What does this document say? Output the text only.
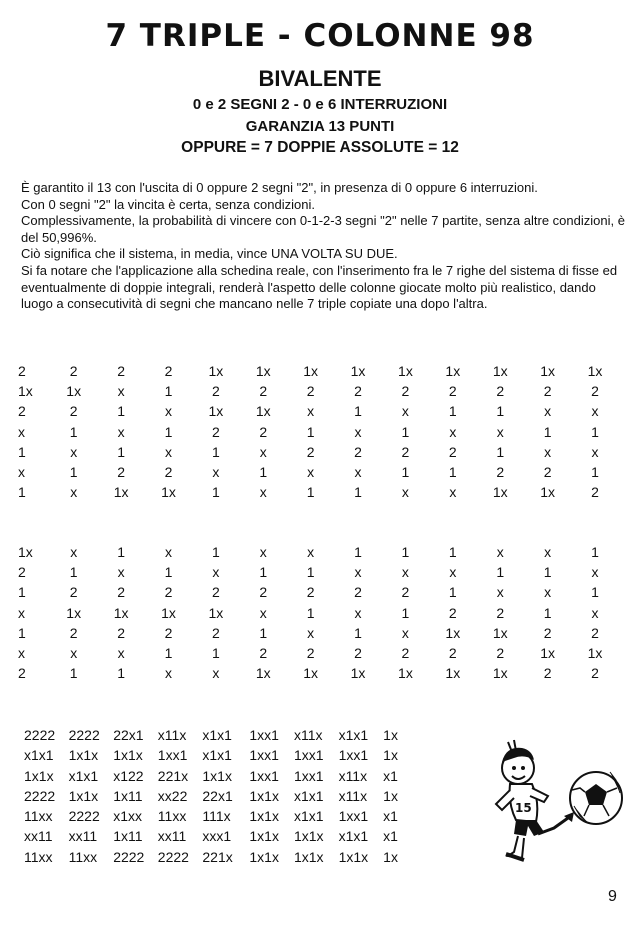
7 TRIPLE - COLONNE 98
BIVALENTE
0 e 2 SEGNI 2 - 0 e 6 INTERRUZIONI
GARANZIA 13 PUNTI
OPPURE = 7 DOPPIE ASSOLUTE = 12

È garantito il 13 con l'uscita di 0 oppure 2 segni "2", in presenza di 0 oppure 6 interruzioni.

Con 0 segni "2" la vincita è certa, senza condizioni.

Complessivamente, la probabilità di vincere con 0-1-2-3 segni "2" nelle 7 partite, senza altre condizioni, è del 50,996%.

Ciò significa che il sistema, in media, vince UNA VOLTA SU DUE.

Si fa notare che l'applicazione alla schedina reale, con l'inserimento fra le 7 righe del sistema di fisse ed eventualmente di doppie integrali, renderà l'aspetto delle colonne giocate molto più realistico, dando luogo a consecutività di segni che mancano nelle 7 triple copiate una dopo l'altra.

2	2	2	2	1x	1x	1x	1x	1x	1x	1x	1x	1x
1x	1x	x	1	2	2	2	2	2	2	2	2	2
2	2	1	x	1x	1x	x	1	x	1	1	x	x
x	1	x	1	2	2	1	x	1	x	x	1	1
1	x	1	x	1	x	2	2	2	2	1	x	x
x	1	2	2	x	1	x	x	1	1	2	2	1
1	x	1x	1x	1	x	1	1	x	x	1x	1x	2
1x	x	1	x	1	x	x	1	1	1	x	x	1
2	1	x	1	x	1	1	x	x	x	1	1	x
1	2	2	2	2	2	2	2	2	1	x	x	1
x	1x	1x	1x	1x	x	1	x	1	2	2	1	x
1	2	2	2	2	1	x	1	x	1x	1x	2	2
x	x	x	1	1	2	2	2	2	2	2	1x	1x
2	1	1	x	x	1x	1x	1x	1x	1x	1x	2	2
2222 2222 22x1	x11x	x1x1	1xx1	x11x	x1x1	1x
x1x1	1x1x	1x1x	1xx1	x1x1	1xx1	1xx1	1xx1	1x
1x1x	x1x1	x122	221x	1x1x	1xx1	1xx1	x11x	x1
2222 1x1x	1x11	xx22	22x1	1x1x	x1x1	x11x	1x
11xx	2222 x1xx	11xx	111x	1x1x	x1x1	1xx1	x1
xx11	xx11	1x11	xx11	xxx1	1x1x	1x1x	x1x1	x1
11xx	11xx	2222 2222 221x	1x1x	1x1x	1x1x	1x
15
9
